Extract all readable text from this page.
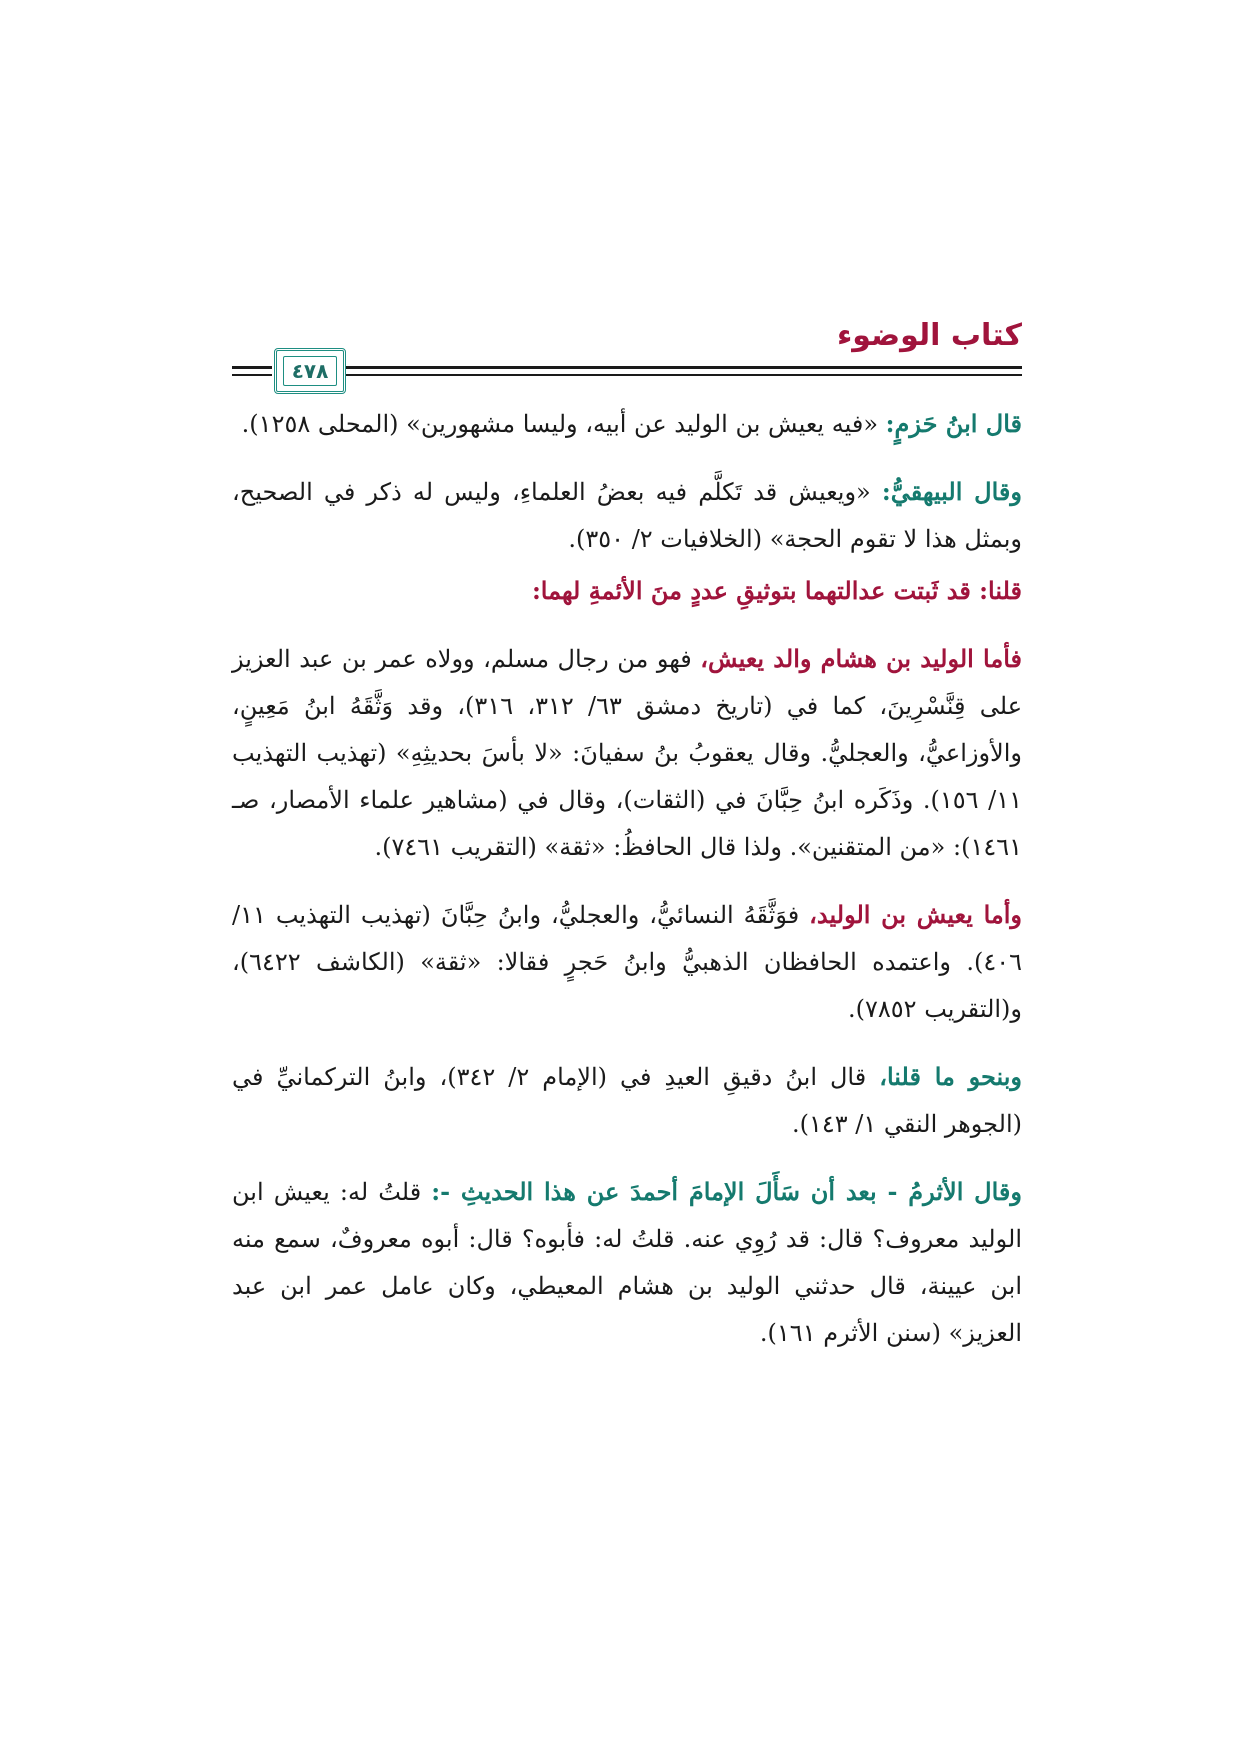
كتاب الوضوء
٤٧٨

قال ابنُ حَزمٍ: «فيه يعيش بن الوليد عن أبيه، وليسا مشهورين» (المحلى ١٢٥٨).

وقال البيهقيُّ: «ويعيش قد تَكلَّم فيه بعضُ العلماءِ، وليس له ذكر في الصحيح، وبمثل هذا لا تقوم الحجة» (الخلافيات ٢/ ٣٥٠).

قلنا: قد ثَبتت عدالتهما بتوثيقِ عددٍ منَ الأئمةِ لهما:

فأما الوليد بن هشام والد يعيش، فهو من رجال مسلم، وولاه عمر بن عبد العزيز على قِنَّسْرِينَ، كما في (تاريخ دمشق ٦٣/ ٣١٢، ٣١٦)، وقد وَثَّقَهُ ابنُ مَعِينٍ، والأوزاعيُّ، والعجليُّ. وقال يعقوبُ بنُ سفيانَ: «لا بأسَ بحديثِهِ» (تهذيب التهذيب ١١/ ١٥٦). وذَكَره ابنُ حِبَّانَ في (الثقات)، وقال في (مشاهير علماء الأمصار، صـ ١٤٦١): «من المتقنين». ولذا قال الحافظُ: «ثقة» (التقريب ٧٤٦١).

وأما يعيش بن الوليد، فوَثَّقَهُ النسائيُّ، والعجليُّ، وابنُ حِبَّانَ (تهذيب التهذيب ١١/ ٤٠٦). واعتمده الحافظان الذهبيُّ وابنُ حَجرٍ فقالا: «ثقة» (الكاشف ٦٤٢٢)، و(التقريب ٧٨٥٢).

وبنحو ما قلنا، قال ابنُ دقيقِ العيدِ في (الإمام ٢/ ٣٤٢)، وابنُ التركمانيِّ في (الجوهر النقي ١/ ١٤٣).

وقال الأثرمُ - بعد أن سَأَلَ الإمامَ أحمدَ عن هذا الحديثِ -: قلتُ له: يعيش ابن الوليد معروف؟ قال: قد رُوِي عنه. قلتُ له: فأبوه؟ قال: أبوه معروفٌ، سمع منه ابن عيينة، قال حدثني الوليد بن هشام المعيطي، وكان عامل عمر ابن عبد العزيز» (سنن الأثرم ١٦١).
